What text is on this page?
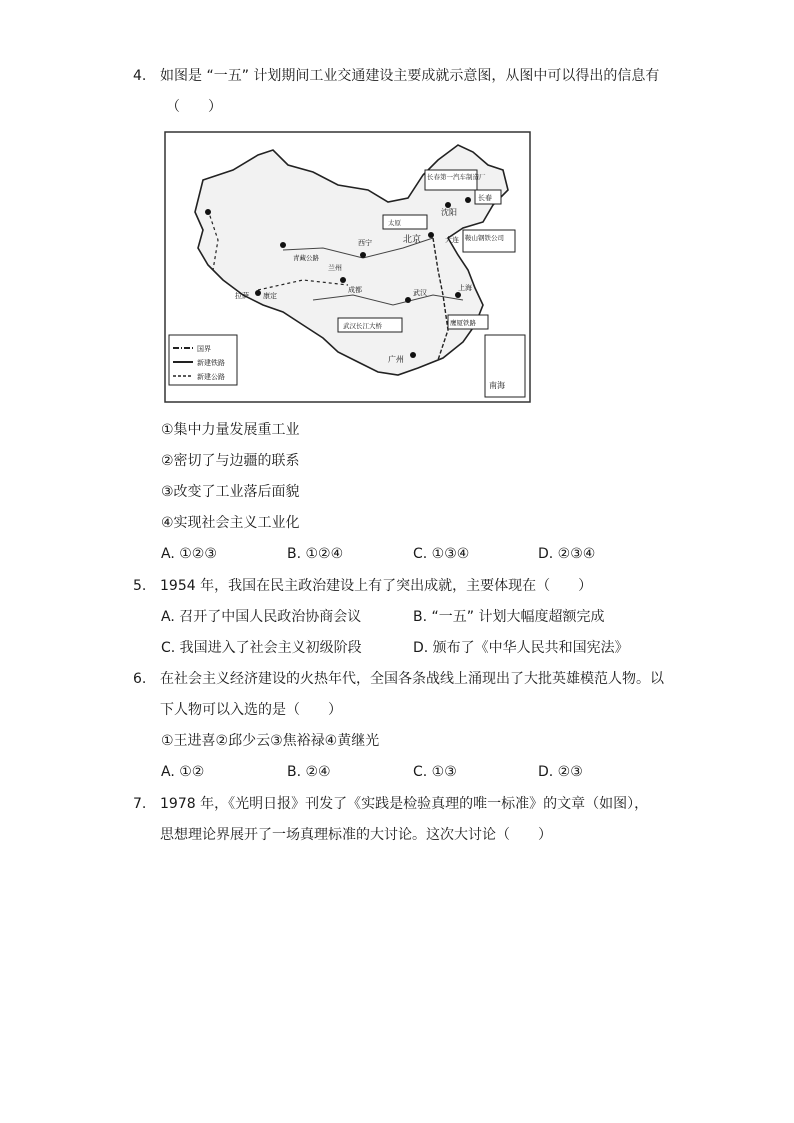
4. 如图是 “一五” 计划期间工业交通建设主要成就示意图，从图中可以得出的信息有
（　　）
长春第一汽车制造厂
沈阳
长春
鞍山钢铁公司
大连
北京
太原
武汉
上海
广州
成都
武汉长江大桥	鹰厦铁路
西宁
兰州
青藏公路
康定
拉萨
南海
国界
新建铁路
新建公路
①集中力量发展重工业
②密切了与边疆的联系
③改变了工业落后面貌
④实现社会主义工业化
A. ①②③	B. ①②④	C. ①③④	D. ②③④
5. 1954 年，我国在民主政治建设上有了突出成就，主要体现在（　　）
A. 召开了中国人民政治协商会议	B. “一五” 计划大幅度超额完成
C. 我国进入了社会主义初级阶段	D. 颁布了《中华人民共和国宪法》
6. 在社会主义经济建设的火热年代，全国各条战线上涌现出了大批英雄模范人物。以
下人物可以入选的是（　　）
①王进喜②邱少云③焦裕禄④黄继光
A. ①②	B. ②④	C. ①③	D. ②③
7. 1978 年，《光明日报》刊发了《实践是检验真理的唯一标准》的文章（如图），
思想理论界展开了一场真理标准的大讨论。这次大讨论（　　）
